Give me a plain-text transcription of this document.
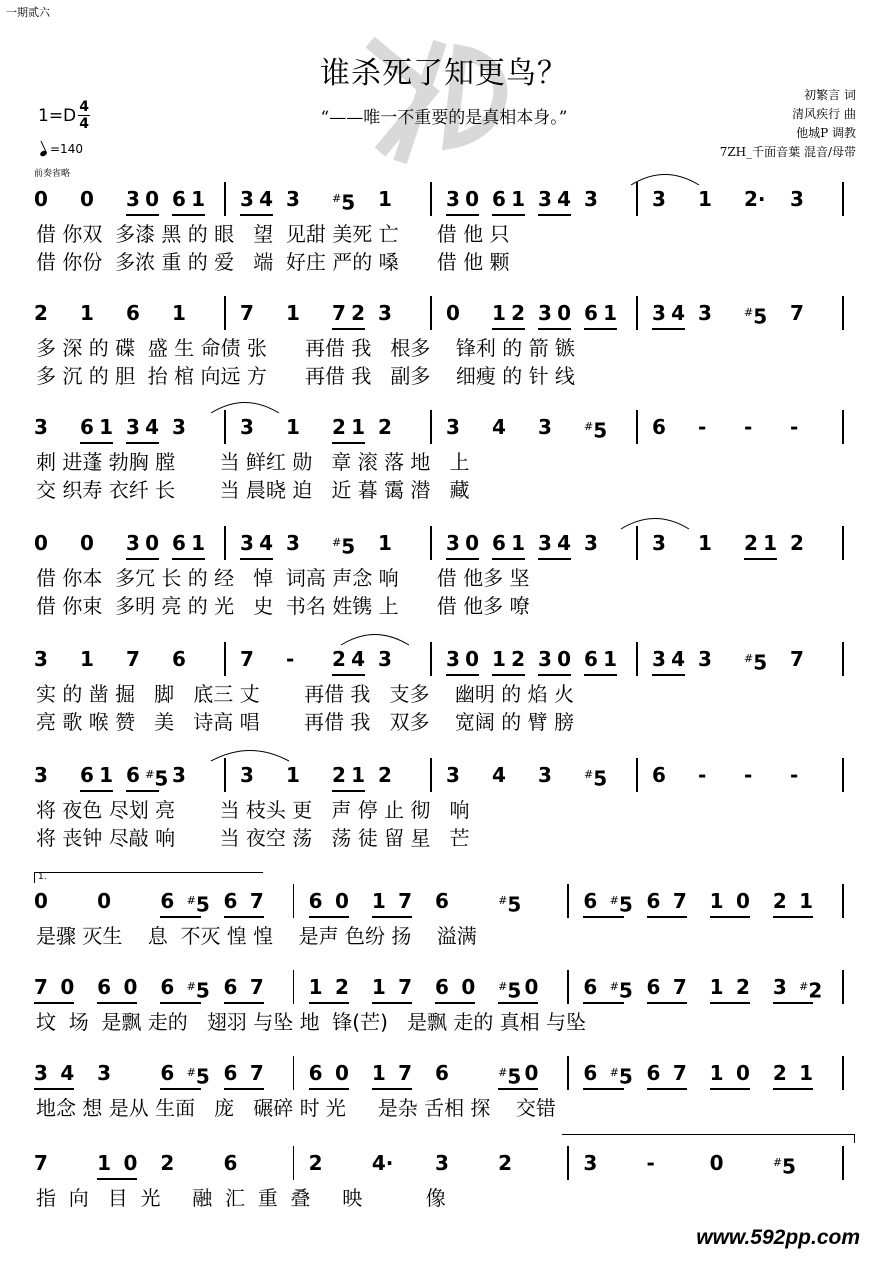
一期贰六
谁杀死了知更鸟？
“——唯一不重要的是真相本身。”
初繁言 词
清风疾行 曲
他城P 调教
7ZH_千面音葉 混音/母带
1=D 4
4
=140
前奏省略
0 0 3 0 6 1 3 4 3	#5 1	3 0 6 1 3 4 3	3 1 2· 3
借 你双  多漆 黑 的 眼   望  见甜 美死 亡      借 他 只
借 你份  多浓 重 的 爱   端  好庄 严的 嗓      借 他 颗
2 1 6 1	7 1 7 2 3	0 1 2 3 0 6 1 3 4 3	#5 7
多 深 的 碟  盛 生 命债 张      再借 我   根多    锋利 的 箭 镞
多 沉 的 胆  抬 棺 向远 方      再借 我   副多    细瘦 的 针 线
3 6 1 3 4 3	3 1 2 1 2	3 4 3	#5 6 - - -
刺 进蓬 勃胸 膛       当 鲜红 勋   章 滚 落 地   上
交 织寿 衣纤 长       当 晨晓 迫   近 暮 霭 潜   藏
0 0 3 0 6 1 3 4 3	#5 1	3 0 6 1 3 4 3	3 1 2 1 2
借 你本  多冗 长 的 经   悼  词高 声念 响      借 他多 坚
借 你束  多明 亮 的 光   史  书名 姓镌 上      借 他多 嘹
3 1 7 6	7 - 2 4 3	3 0 1 2 3 0 6 1 3 4 3	#5 7
实 的 凿 掘   脚   底三 丈       再借 我   支多    幽明 的 焰 火
亮 歌 喉 赞   美   诗高 唱       再借 我   双多    宽阔 的 臂 膀
3 6 1 6 #5 3	3 1 2 1 2	3 4 3	#5 6 - - -
将 夜色 尽划 亮       当 枝头 更   声 停 止 彻   响
将 丧钟 尽敲 响       当 夜空 荡   荡 徒 留 星   芒
0 0 6 #5 6 7 6 0 1 7 6	#5	6 #5 6 7 1 0 2 1
是骤 灭生    息  不灭 惶 惶    是声 色纷 扬    溢满
7 0 6 0 6 #5 6 7 1 2 1 7 6 0 #5 0 6 #5 6 7 1 2 3 #2
坟  场  是飘 走的   翅羽 与坠 地  锋(芒)   是飘 走的 真相 与坠
3 4 3 6 #5 6 7 6 0 1 7 6	#5 0 6 #5 6 7 1 0 2 1
地念 想 是从 生面   庞   碾碎 时 光     是杂 舌相 探    交错
7 1 0 2 6	2 4· 3 2	3 -	0	#5
指  向   目  光     融  汇  重  叠     映          像
1.
www.592pp.com
